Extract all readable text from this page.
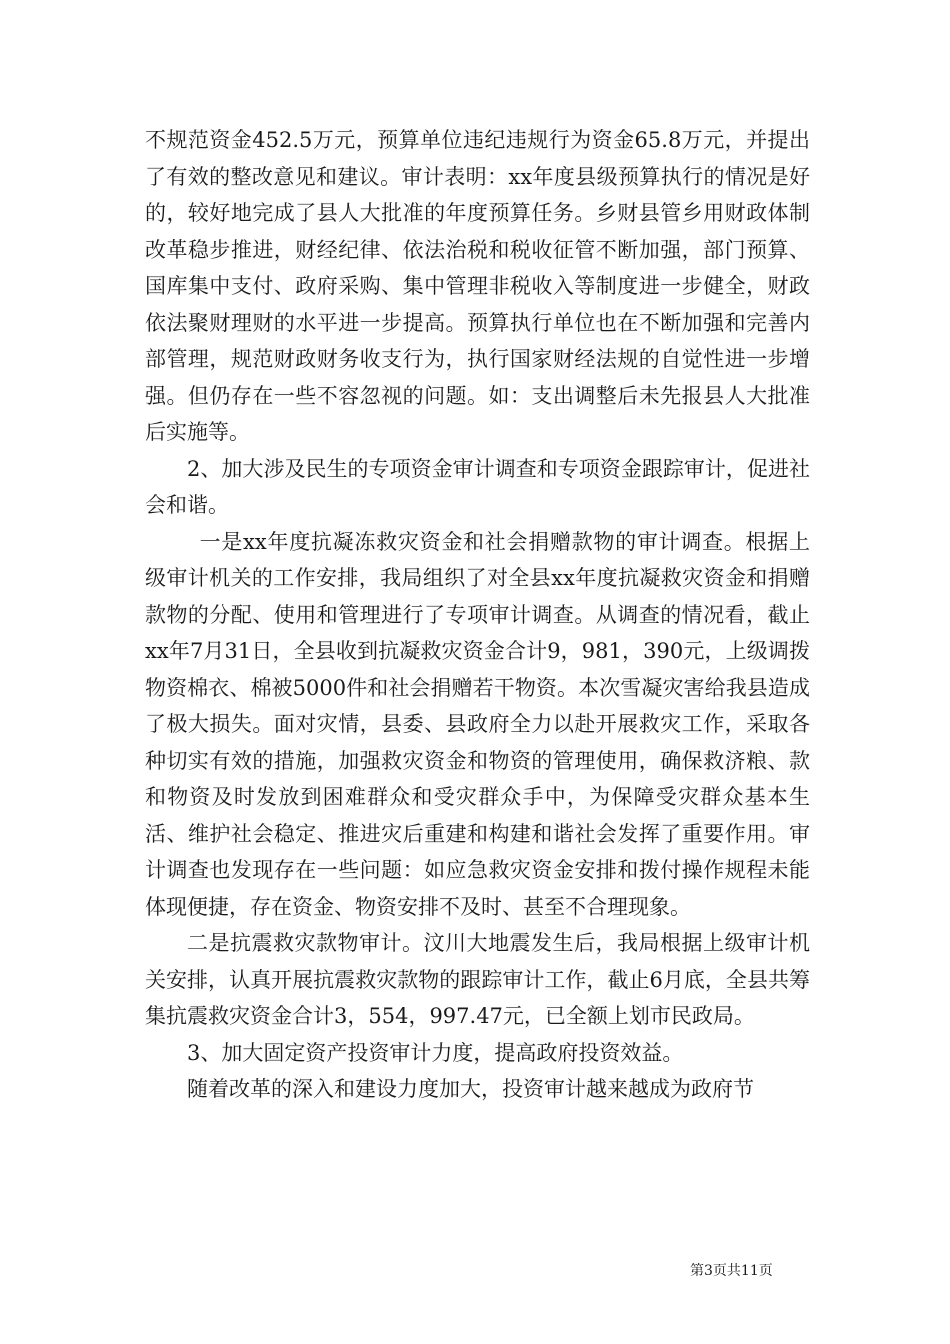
不规范资金452.5万元，预算单位违纪违规行为资金65.8万元，并提出了有效的整改意见和建议。审计表明：xx年度县级预算执行的情况是好的，较好地完成了县人大批准的年度预算任务。乡财县管乡用财政体制改革稳步推进，财经纪律、依法治税和税收征管不断加强，部门预算、国库集中支付、政府采购、集中管理非税收入等制度进一步健全，财政依法聚财理财的水平进一步提高。预算执行单位也在不断加强和完善内部管理，规范财政财务收支行为，执行国家财经法规的自觉性进一步增强。但仍存在一些不容忽视的问题。如：支出调整后未先报县人大批准后实施等。

2、加大涉及民生的专项资金审计调查和专项资金跟踪审计，促进社会和谐。

一是xx年度抗凝冻救灾资金和社会捐赠款物的审计调查。根据上级审计机关的工作安排，我局组织了对全县xx年度抗凝救灾资金和捐赠款物的分配、使用和管理进行了专项审计调查。从调查的情况看，截止xx年7月31日，全县收到抗凝救灾资金合计9，981，390元，上级调拨物资棉衣、棉被5000件和社会捐赠若干物资。本次雪凝灾害给我县造成了极大损失。面对灾情，县委、县政府全力以赴开展救灾工作，采取各种切实有效的措施，加强救灾资金和物资的管理使用，确保救济粮、款和物资及时发放到困难群众和受灾群众手中，为保障受灾群众基本生活、维护社会稳定、推进灾后重建和构建和谐社会发挥了重要作用。审计调查也发现存在一些问题：如应急救灾资金安排和拨付操作规程未能体现便捷，存在资金、物资安排不及时、甚至不合理现象。

二是抗震救灾款物审计。汶川大地震发生后，我局根据上级审计机关安排，认真开展抗震救灾款物的跟踪审计工作，截止6月底，全县共筹集抗震救灾资金合计3，554，997.47元，已全额上划市民政局。

3、加大固定资产投资审计力度，提高政府投资效益。

随着改革的深入和建设力度加大，投资审计越来越成为政府节

第3页共11页
